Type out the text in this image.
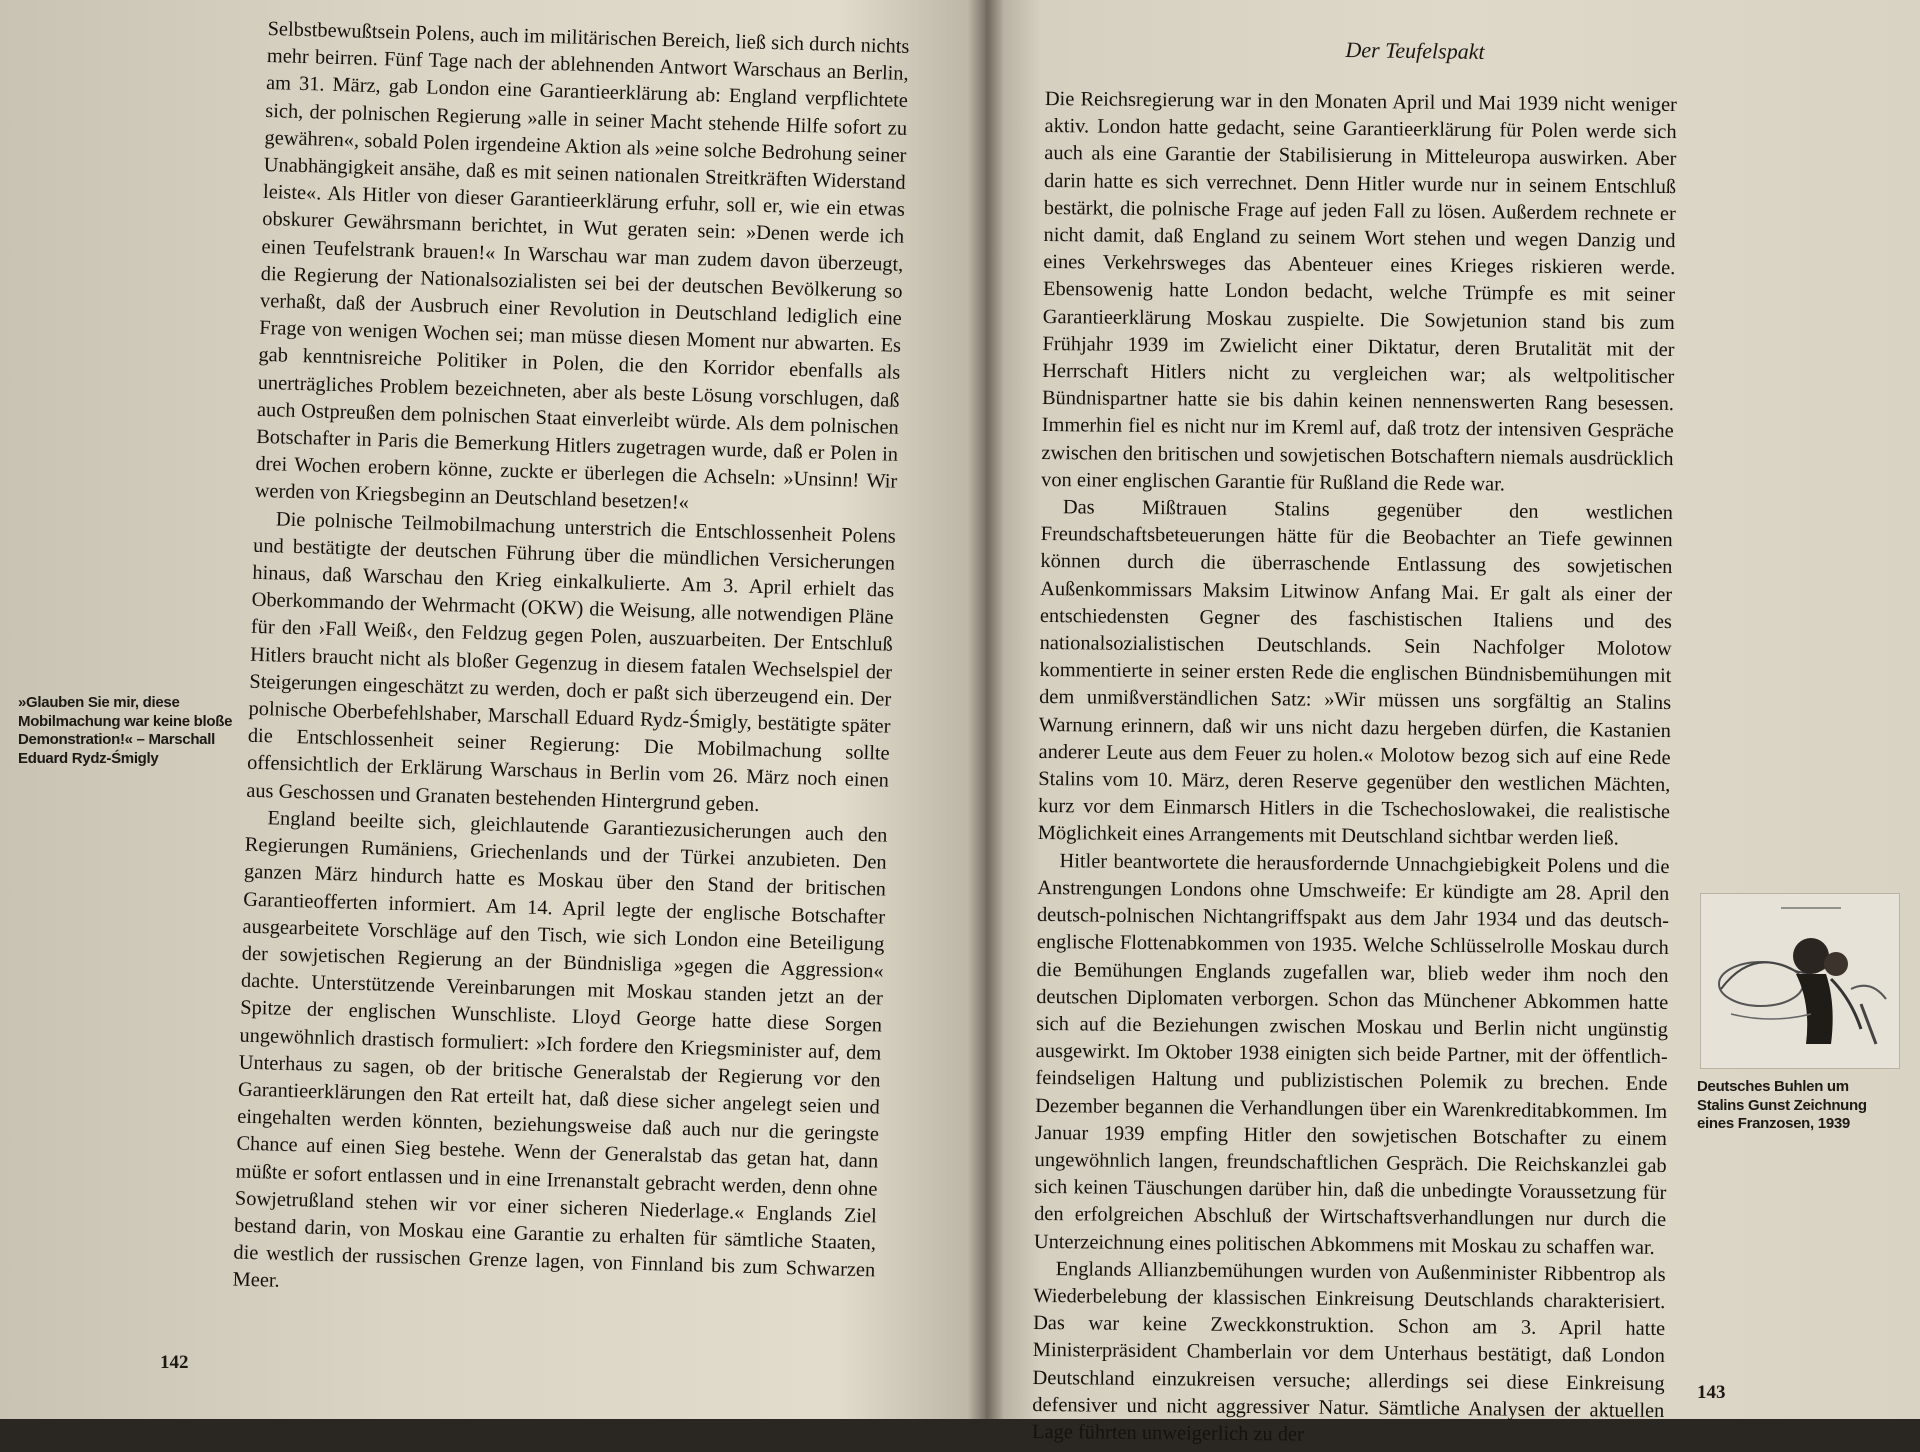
Selbstbewußtsein Polens, auch im militärischen Bereich, ließ sich durch nichts mehr beirren. Fünf Tage nach der ablehnenden Antwort Warschaus an Berlin, am 31. März, gab London eine Garantieerklärung ab: England verpflichtete sich, der polnischen Regierung »alle in seiner Macht stehende Hilfe sofort zu gewähren«, sobald Polen irgendeine Aktion als »eine solche Bedrohung seiner Unabhängigkeit ansähe, daß es mit seinen nationalen Streitkräften Widerstand leiste«. Als Hitler von dieser Garantieerklärung erfuhr, soll er, wie ein etwas obskurer Gewährsmann berichtet, in Wut geraten sein: »Denen werde ich einen Teufelstrank brauen!« In Warschau war man zudem davon überzeugt, die Regierung der Nationalsozialisten sei bei der deutschen Bevölkerung so verhaßt, daß der Ausbruch einer Revolution in Deutschland lediglich eine Frage von wenigen Wochen sei; man müsse diesen Moment nur abwarten. Es gab kenntnisreiche Politiker in Polen, die den Korridor ebenfalls als unerträgliches Problem bezeichneten, aber als beste Lösung vorschlugen, daß auch Ostpreußen dem polnischen Staat einverleibt würde. Als dem polnischen Botschafter in Paris die Bemerkung Hitlers zugetragen wurde, daß er Polen in drei Wochen erobern könne, zuckte er überlegen die Achseln: »Unsinn! Wir werden von Kriegsbeginn an Deutschland besetzen!«

Die polnische Teilmobilmachung unterstrich die Entschlossenheit Polens und bestätigte der deutschen Führung über die mündlichen Versicherungen hinaus, daß Warschau den Krieg einkalkulierte. Am 3. April erhielt das Oberkommando der Wehrmacht (OKW) die Weisung, alle notwendigen Pläne für den ›Fall Weiß‹, den Feldzug gegen Polen, auszuarbeiten. Der Entschluß Hitlers braucht nicht als bloßer Gegenzug in diesem fatalen Wechselspiel der Steigerungen eingeschätzt zu werden, doch er paßt sich überzeugend ein. Der polnische Oberbefehlshaber, Marschall Eduard Rydz-Śmigly, bestätigte später die Entschlossenheit seiner Regierung: Die Mobilmachung sollte offensichtlich der Erklärung Warschaus in Berlin vom 26. März noch einen aus Geschossen und Granaten bestehenden Hintergrund geben.

England beeilte sich, gleichlautende Garantiezusicherungen auch den Regierungen Rumäniens, Griechenlands und der Türkei anzubieten. Den ganzen März hindurch hatte es Moskau über den Stand der britischen Garantieofferten informiert. Am 14. April legte der englische Botschafter ausgearbeitete Vorschläge auf den Tisch, wie sich London eine Beteiligung der sowjetischen Regierung an der Bündnisliga »gegen die Aggression« dachte. Unterstützende Vereinbarungen mit Moskau standen jetzt an der Spitze der englischen Wunschliste. Lloyd George hatte diese Sorgen ungewöhnlich drastisch formuliert: »Ich fordere den Kriegsminister auf, dem Unterhaus zu sagen, ob der britische Generalstab der Regierung vor den Garantieerklärungen den Rat erteilt hat, daß diese sicher angelegt seien und eingehalten werden könnten, beziehungsweise daß auch nur die geringste Chance auf einen Sieg bestehe. Wenn der Generalstab das getan hat, dann müßte er sofort entlassen und in eine Irrenanstalt gebracht werden, denn ohne Sowjetrußland stehen wir vor einer sicheren Niederlage.« Englands Ziel bestand darin, von Moskau eine Garantie zu erhalten für sämtliche Staaten, die westlich der russischen Grenze lagen, von Finnland bis zum Schwarzen Meer.

»Glauben Sie mir, diese Mobilmachung war keine bloße Demonstration!« – Marschall Eduard Rydz-Śmigly
142
Der Teufelspakt

Die Reichsregierung war in den Monaten April und Mai 1939 nicht weniger aktiv. London hatte gedacht, seine Garantieerklärung für Polen werde sich auch als eine Garantie der Stabilisierung in Mitteleuropa auswirken. Aber darin hatte es sich verrechnet. Denn Hitler wurde nur in seinem Entschluß bestärkt, die polnische Frage auf jeden Fall zu lösen. Außerdem rechnete er nicht damit, daß England zu seinem Wort stehen und wegen Danzig und eines Verkehrsweges das Abenteuer eines Krieges riskieren werde. Ebensowenig hatte London bedacht, welche Trümpfe es mit seiner Garantieerklärung Moskau zuspielte. Die Sowjetunion stand bis zum Frühjahr 1939 im Zwielicht einer Diktatur, deren Brutalität mit der Herrschaft Hitlers nicht zu vergleichen war; als weltpolitischer Bündnispartner hatte sie bis dahin keinen nennenswerten Rang besessen. Immerhin fiel es nicht nur im Kreml auf, daß trotz der intensiven Gespräche zwischen den britischen und sowjetischen Botschaftern niemals ausdrücklich von einer englischen Garantie für Rußland die Rede war.

Das Mißtrauen Stalins gegenüber den westlichen Freundschaftsbeteuerungen hätte für die Beobachter an Tiefe gewinnen können durch die überraschende Entlassung des sowjetischen Außenkommissars Maksim Litwinow Anfang Mai. Er galt als einer der entschiedensten Gegner des faschistischen Italiens und des nationalsozialistischen Deutschlands. Sein Nachfolger Molotow kommentierte in seiner ersten Rede die englischen Bündnisbemühungen mit dem unmißverständlichen Satz: »Wir müssen uns sorgfältig an Stalins Warnung erinnern, daß wir uns nicht dazu hergeben dürfen, die Kastanien anderer Leute aus dem Feuer zu holen.« Molotow bezog sich auf eine Rede Stalins vom 10. März, deren Reserve gegenüber den westlichen Mächten, kurz vor dem Einmarsch Hitlers in die Tschechoslowakei, die realistische Möglichkeit eines Arrangements mit Deutschland sichtbar werden ließ.

Hitler beantwortete die herausfordernde Unnachgiebigkeit Polens und die Anstrengungen Londons ohne Umschweife: Er kündigte am 28. April den deutsch-polnischen Nichtangriffspakt aus dem Jahr 1934 und das deutsch-englische Flottenabkommen von 1935. Welche Schlüsselrolle Moskau durch die Bemühungen Englands zugefallen war, blieb weder ihm noch den deutschen Diplomaten verborgen. Schon das Münchener Abkommen hatte sich auf die Beziehungen zwischen Moskau und Berlin nicht ungünstig ausgewirkt. Im Oktober 1938 einigten sich beide Partner, mit der öffentlich-feindseligen Haltung und publizistischen Polemik zu brechen. Ende Dezember begannen die Verhandlungen über ein Warenkreditabkommen. Im Januar 1939 empfing Hitler den sowjetischen Botschafter zu einem ungewöhnlich langen, freundschaftlichen Gespräch. Die Reichskanzlei gab sich keinen Täuschungen darüber hin, daß die unbedingte Voraussetzung für den erfolgreichen Abschluß der Wirtschaftsverhandlungen nur durch die Unterzeichnung eines politischen Abkommens mit Moskau zu schaffen war.

Englands Allianzbemühungen wurden von Außenminister Ribbentrop als Wiederbelebung der klassischen Einkreisung Deutschlands charakterisiert. Das war keine Zweckkonstruktion. Schon am 3. April hatte Ministerpräsident Chamberlain vor dem Unterhaus bestätigt, daß London Deutschland einzukreisen versuche; allerdings sei diese Einkreisung defensiver und nicht aggressiver Natur. Sämtliche Analysen der aktuellen Lage führten unweigerlich zu der

Deutsches Buhlen um Stalins Gunst Zeichnung eines Franzosen, 1939
143
